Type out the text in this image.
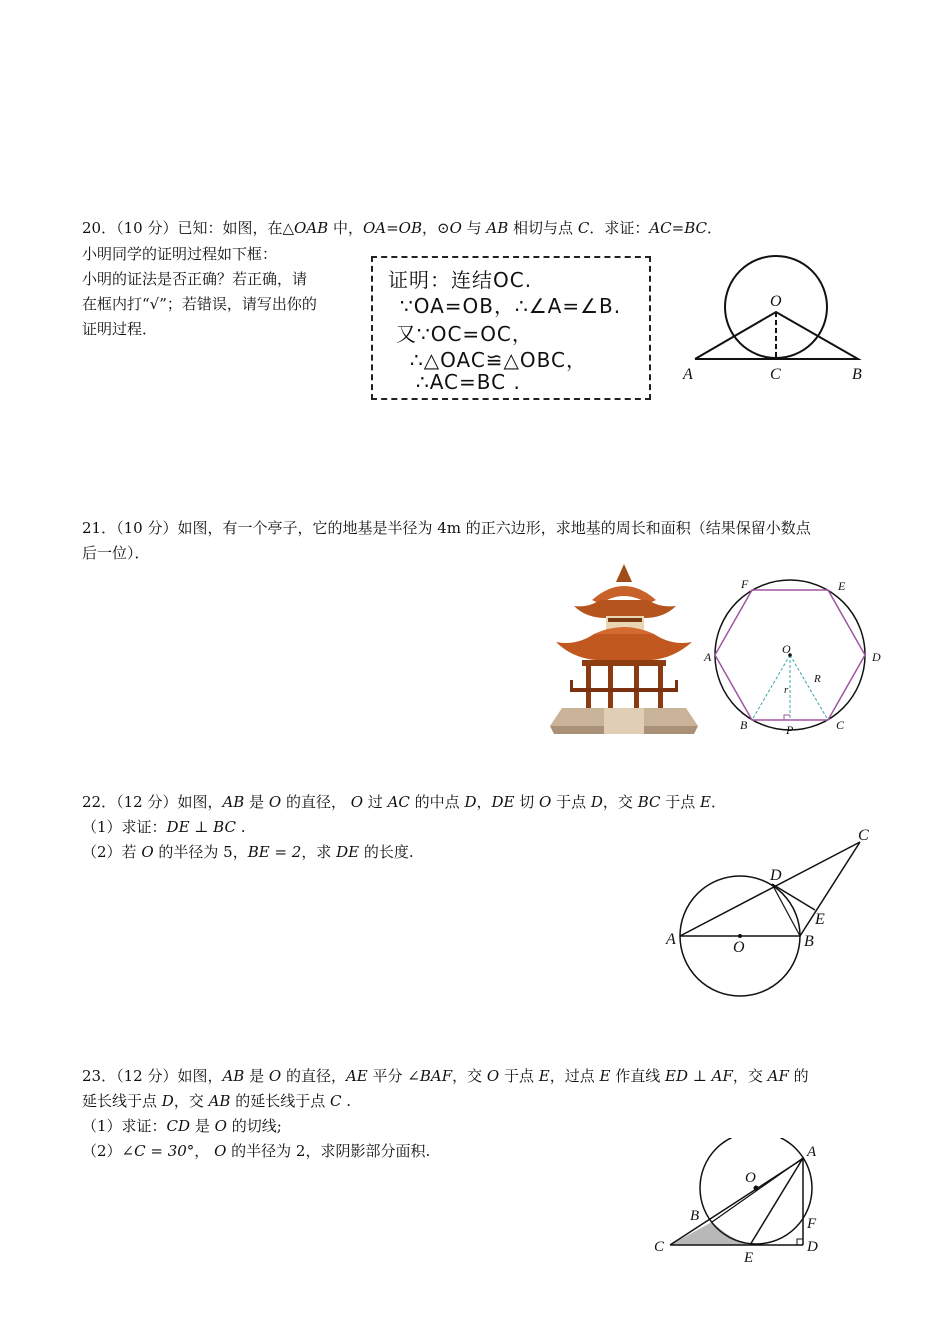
20．（10 分）已知：如图，在△OAB 中，OA=OB，⊙O 与 AB 相切与点 C．求证：AC=BC．
小明同学的证明过程如下框：
小明的证法是否正确？若正确，请
在框内打“√”；若错误，请写出你的
证明过程．
证明：连结OC.
∵OA=OB，∴∠A=∠B.
又∵OC=OC，
∴△OAC≌△OBC，
∴AC=BC .
O
A	C	B
21．（10 分）如图，有一个亭子，它的地基是半径为 4m 的正六边形，求地基的周长和面积（结果保留小数点
后一位）．
F	E
A	D
O
r
R
B	P	C
22．（12 分）如图，AB 是 O 的直径， O 过 AC 的中点 D，DE 切 O 于点 D，交 BC 于点 E．
（1）求证：DE ⊥ BC .
（2）若 O 的半径为 5，BE = 2，求 DE 的长度.
C
D
E
A	O	B
23．（12 分）如图，AB 是 O 的直径，AE 平分 ∠BAF，交 O 于点 E，过点 E 作直线 ED ⊥ AF，交 AF 的
延长线于点 D，交 AB 的延长线于点 C .
（1）求证：CD 是 O 的切线;
（2）∠C = 30°， O 的半径为 2，求阴影部分面积.	A
O
F
B
C	D
E
